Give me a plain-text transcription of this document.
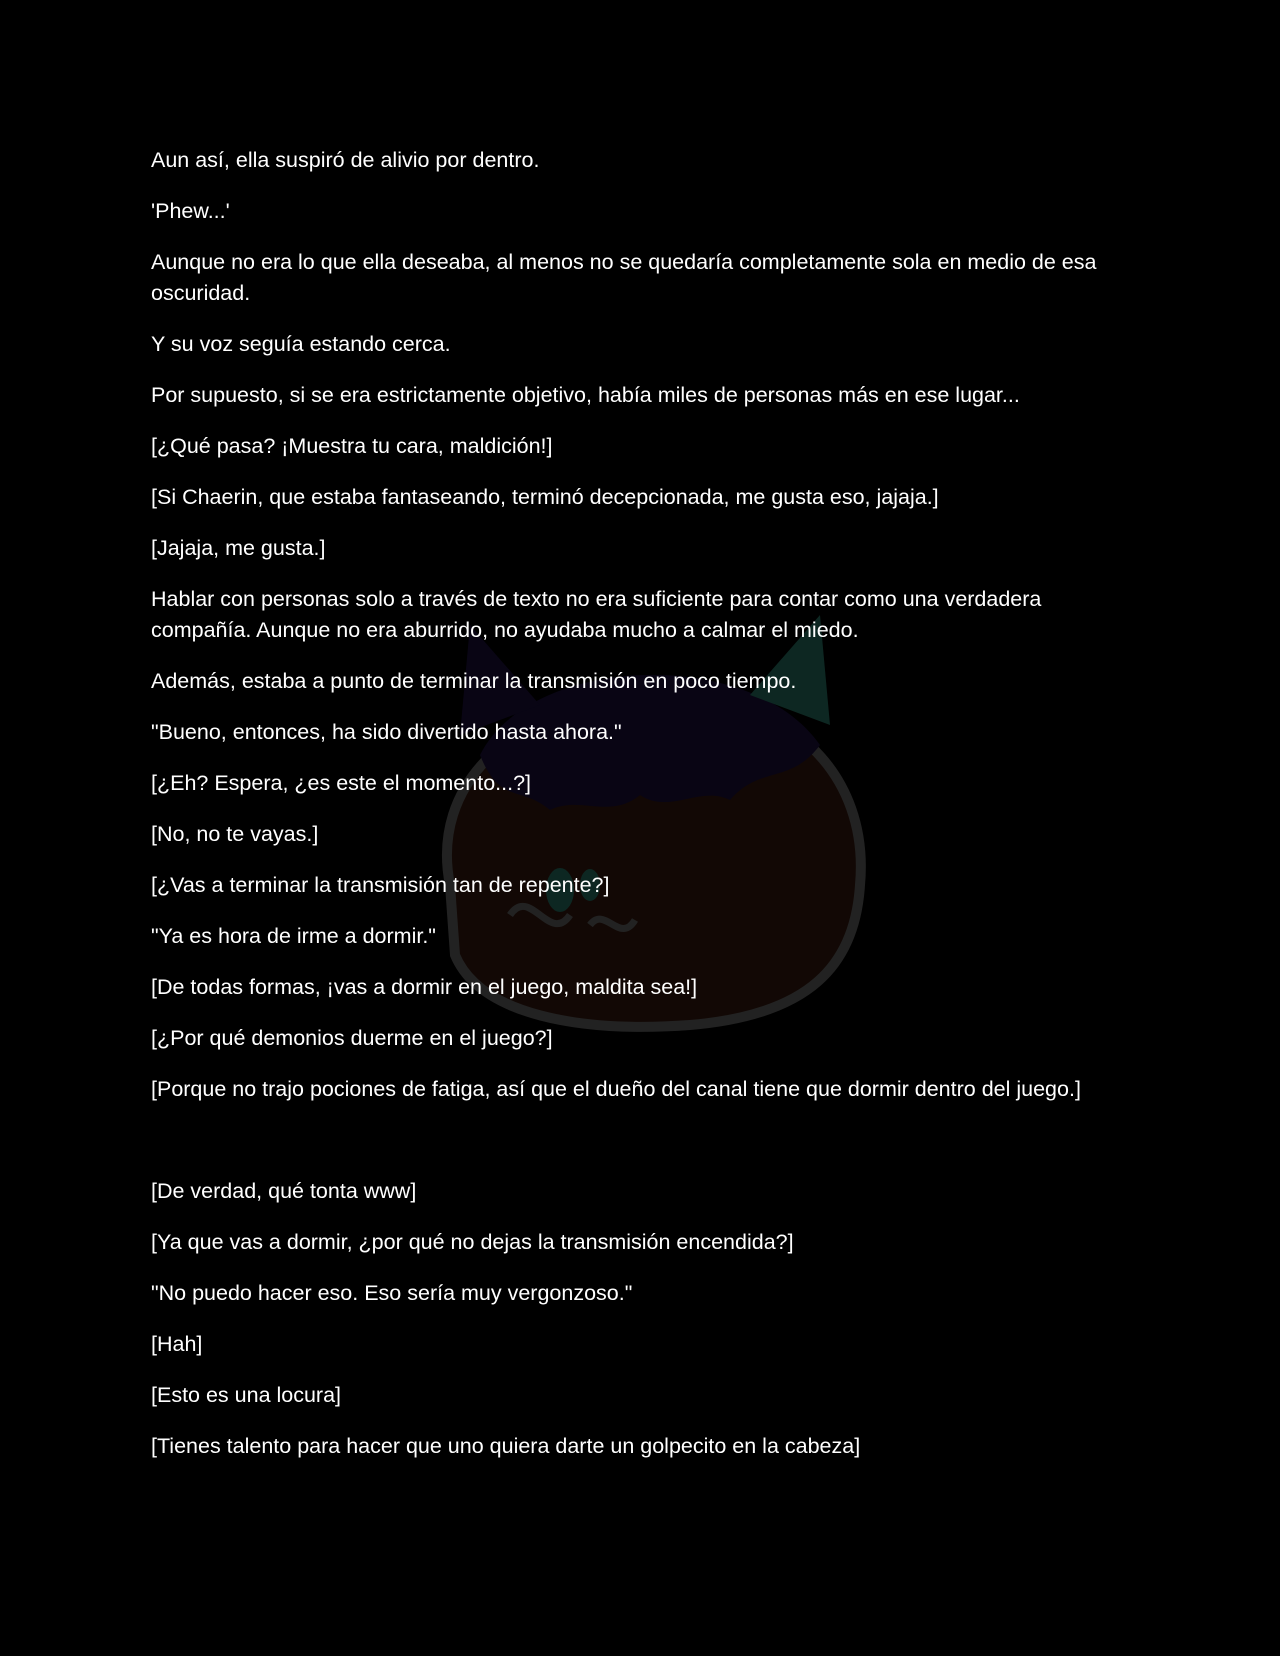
Aun así, ella suspiró de alivio por dentro.

'Phew...'

Aunque no era lo que ella deseaba, al menos no se quedaría completamente sola en medio de esa oscuridad.

Y su voz seguía estando cerca.

Por supuesto, si se era estrictamente objetivo, había miles de personas más en ese lugar...

[¿Qué pasa? ¡Muestra tu cara, maldición!]

[Si Chaerin, que estaba fantaseando, terminó decepcionada, me gusta eso, jajaja.]

[Jajaja, me gusta.]

Hablar con personas solo a través de texto no era suficiente para contar como una verdadera compañía. Aunque no era aburrido, no ayudaba mucho a calmar el miedo.

Además, estaba a punto de terminar la transmisión en poco tiempo.

"Bueno, entonces, ha sido divertido hasta ahora."

[¿Eh? Espera, ¿es este el momento...?]

[No, no te vayas.]

[¿Vas a terminar la transmisión tan de repente?]

"Ya es hora de irme a dormir."

[De todas formas, ¡vas a dormir en el juego, maldita sea!]

[¿Por qué demonios duerme en el juego?]

[Porque no trajo pociones de fatiga, así que el dueño del canal tiene que dormir dentro del juego.]

[De verdad, qué tonta www]

[Ya que vas a dormir, ¿por qué no dejas la transmisión encendida?]

"No puedo hacer eso. Eso sería muy vergonzoso."

[Hah]

[Esto es una locura]

[Tienes talento para hacer que uno quiera darte un golpecito en la cabeza]
